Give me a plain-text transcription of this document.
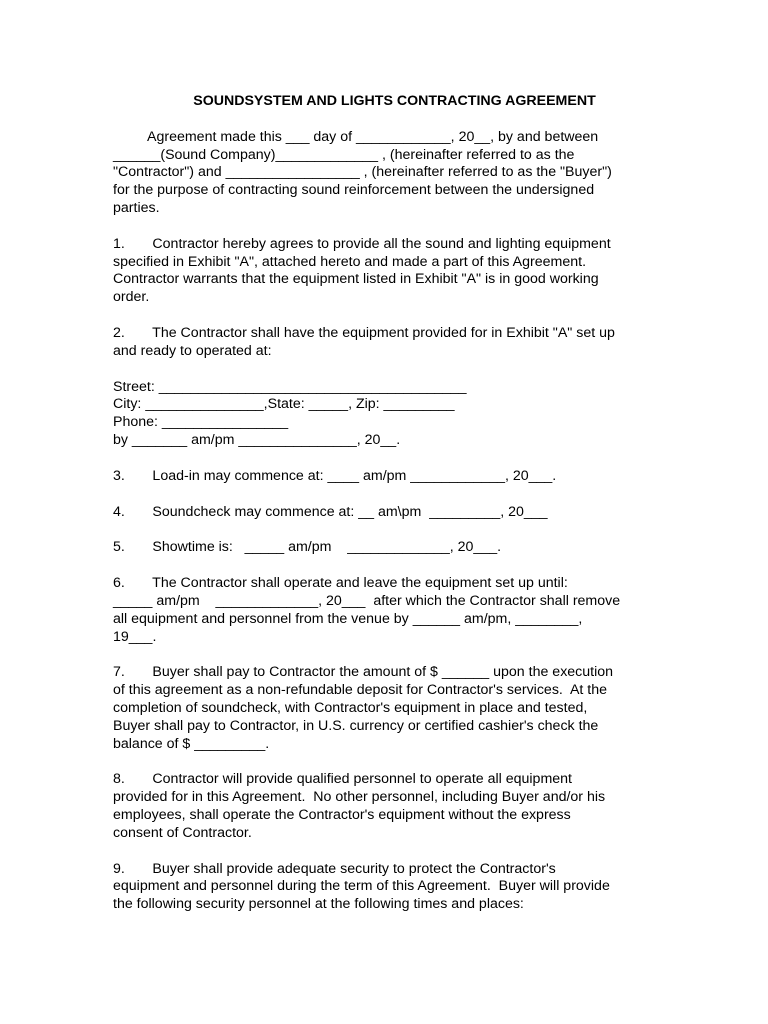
SOUNDSYSTEM AND LIGHTS CONTRACTING AGREEMENT
Agreement made this ___ day of ____________, 20__, by and between
______(Sound Company)_____________ , (hereinafter referred to as the
"Contractor") and _________________ , (hereinafter referred to as the "Buyer")
for the purpose of contracting sound reinforcement between the undersigned
parties.
1.       Contractor hereby agrees to provide all the sound and lighting equipment
specified in Exhibit "A", attached hereto and made a part of this Agreement.
Contractor warrants that the equipment listed in Exhibit "A" is in good working
order.
2.       The Contractor shall have the equipment provided for in Exhibit "A" set up
and ready to operated at:
Street: _______________________________________
City: _______________,State: _____, Zip: _________
Phone: ________________
by _______ am/pm _______________, 20__.
3.       Load-in may commence at: ____ am/pm ____________, 20___.
4.       Soundcheck may commence at: __ am\pm  _________, 20___
5.       Showtime is:   _____ am/pm    _____________, 20___.
6.       The Contractor shall operate and leave the equipment set up until:
_____ am/pm    _____________, 20___  after which the Contractor shall remove
all equipment and personnel from the venue by ______ am/pm, ________,
19___.
7.       Buyer shall pay to Contractor the amount of $ ______ upon the execution
of this agreement as a non-refundable deposit for Contractor's services.  At the
completion of soundcheck, with Contractor's equipment in place and tested,
Buyer shall pay to Contractor, in U.S. currency or certified cashier's check the
balance of $ _________.
8.       Contractor will provide qualified personnel to operate all equipment
provided for in this Agreement.  No other personnel, including Buyer and/or his
employees, shall operate the Contractor's equipment without the express
consent of Contractor.
9.       Buyer shall provide adequate security to protect the Contractor's
equipment and personnel during the term of this Agreement.  Buyer will provide
the following security personnel at the following times and places:
